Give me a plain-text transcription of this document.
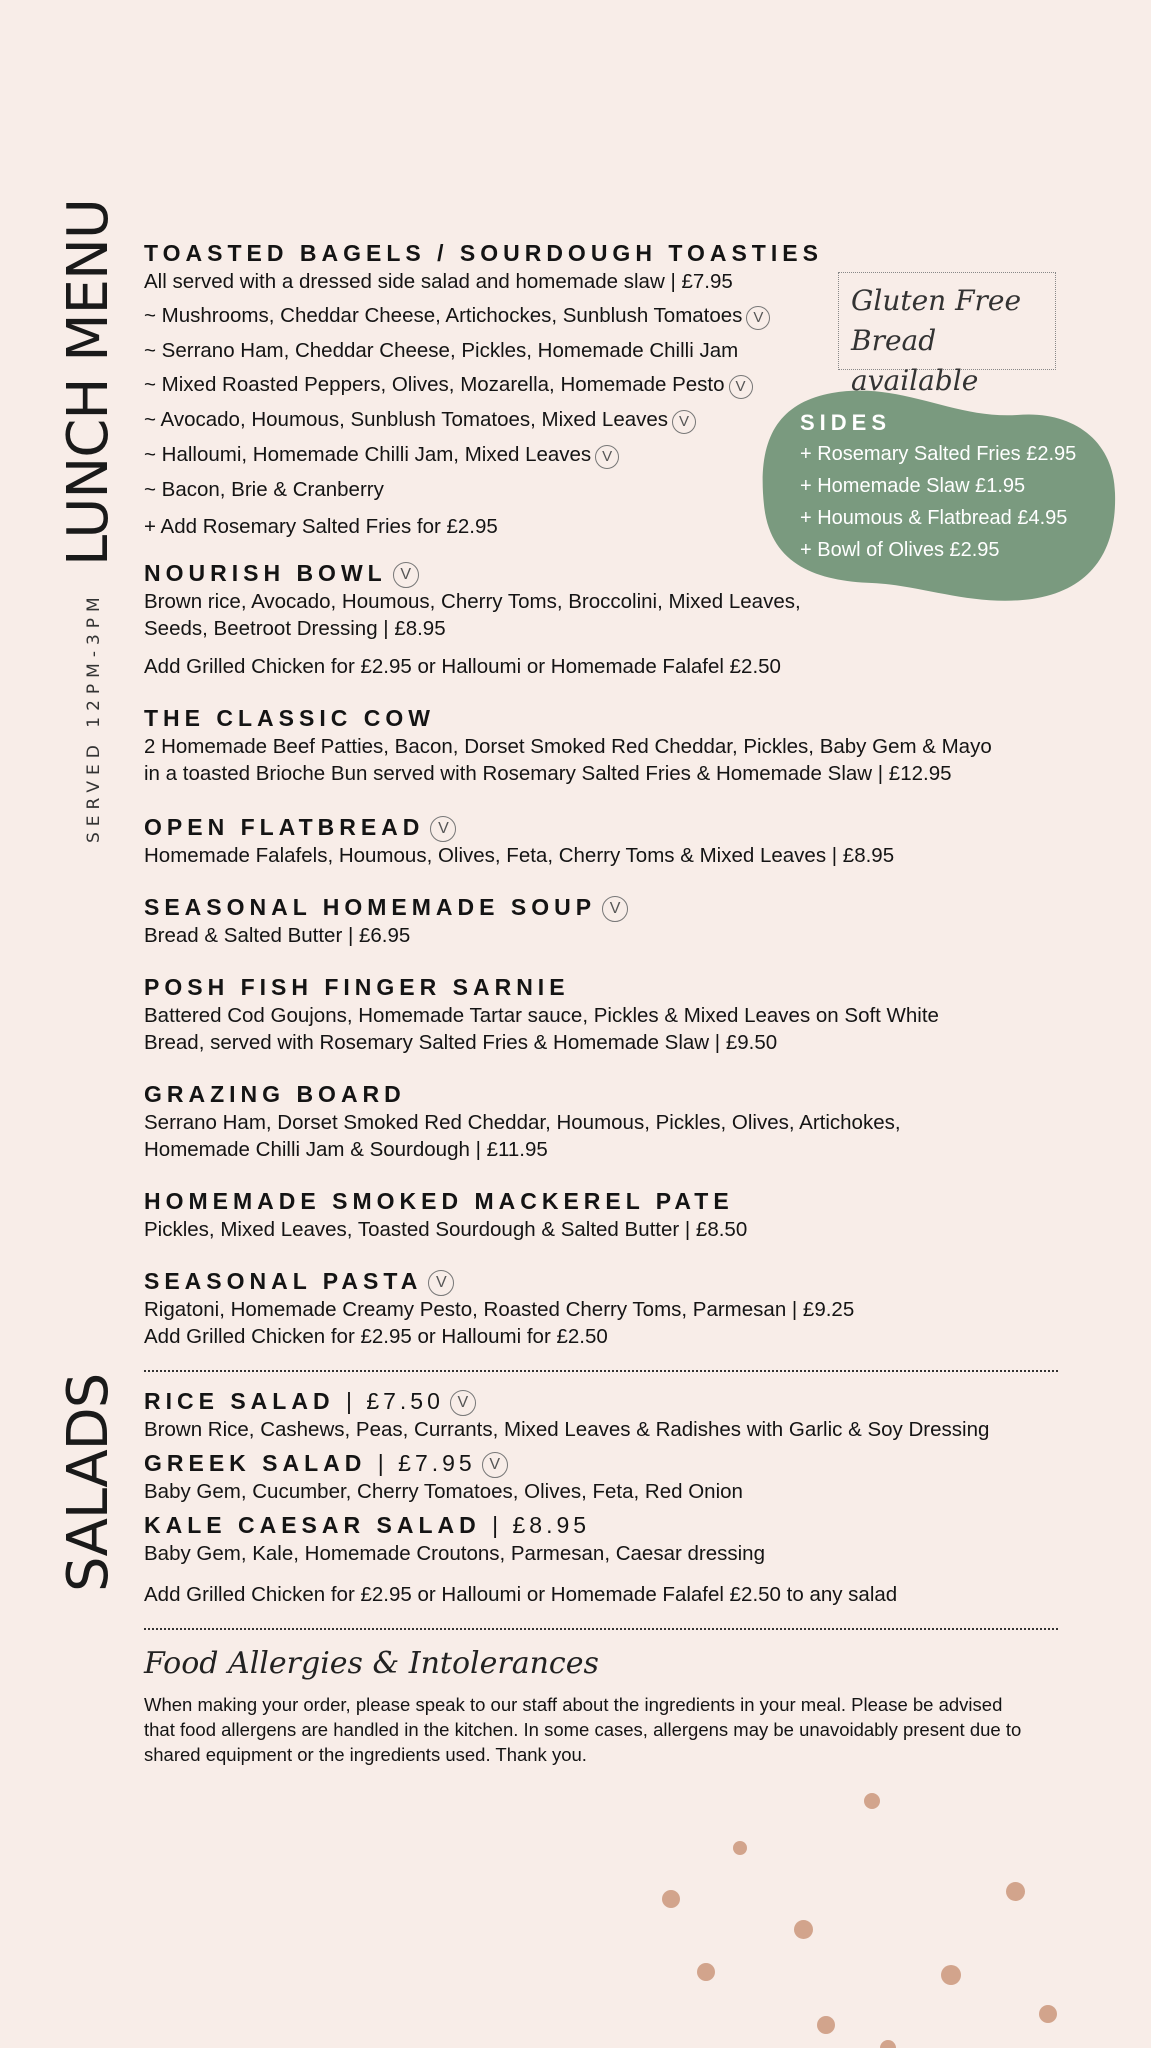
LUNCH MENU
SERVED 12PM-3PM
SALADS
TOASTED BAGELS / SOURDOUGH TOASTIES
All served with a dressed side salad and homemade slaw | £7.95
~ Mushrooms, Cheddar Cheese, Artichockes, Sunblush Tomatoes V
~ Serrano Ham, Cheddar Cheese, Pickles, Homemade Chilli Jam
~ Mixed Roasted Peppers, Olives, Mozarella, Homemade Pesto V
~ Avocado, Houmous, Sunblush Tomatoes, Mixed Leaves V
~ Halloumi, Homemade Chilli Jam, Mixed Leaves V
~ Bacon, Brie & Cranberry
+ Add Rosemary Salted Fries for £2.95
Gluten Free
Bread available
SIDES
+ Rosemary Salted Fries £2.95
+ Homemade Slaw £1.95
+ Houmous & Flatbread £4.95
+ Bowl of Olives £2.95
NOURISH BOWL V
Brown rice, Avocado, Houmous, Cherry Toms, Broccolini, Mixed Leaves,
Seeds, Beetroot Dressing | £8.95
Add Grilled Chicken for £2.95 or Halloumi or Homemade Falafel £2.50
THE CLASSIC COW
2 Homemade Beef Patties, Bacon, Dorset Smoked Red Cheddar, Pickles, Baby Gem & Mayo
in a toasted Brioche Bun served with Rosemary Salted Fries & Homemade Slaw | £12.95
OPEN FLATBREAD V
Homemade Falafels, Houmous, Olives, Feta, Cherry Toms & Mixed Leaves | £8.95
SEASONAL HOMEMADE SOUP V
Bread & Salted Butter | £6.95
POSH FISH FINGER SARNIE
Battered Cod Goujons, Homemade Tartar sauce, Pickles & Mixed Leaves on Soft White
Bread, served with Rosemary Salted Fries & Homemade Slaw | £9.50
GRAZING BOARD
Serrano Ham, Dorset Smoked Red Cheddar, Houmous, Pickles, Olives, Artichokes,
Homemade Chilli Jam & Sourdough | £11.95
HOMEMADE SMOKED MACKEREL PATE
Pickles, Mixed Leaves, Toasted Sourdough & Salted Butter | £8.50
SEASONAL PASTA V
Rigatoni, Homemade Creamy Pesto, Roasted Cherry Toms, Parmesan | £9.25
Add Grilled Chicken for £2.95 or Halloumi for £2.50
RICE SALAD | £7.50 V
Brown Rice, Cashews, Peas, Currants, Mixed Leaves & Radishes with Garlic & Soy Dressing
GREEK SALAD | £7.95 V
Baby Gem, Cucumber, Cherry Tomatoes, Olives, Feta, Red Onion
KALE CAESAR SALAD | £8.95
Baby Gem, Kale, Homemade Croutons, Parmesan, Caesar dressing
Add Grilled Chicken for £2.95 or Halloumi or Homemade Falafel £2.50 to any salad
Food Allergies & Intolerances
When making your order, please speak to our staff about the ingredients in your meal. Please be advised
that food allergens are handled in the kitchen. In some cases, allergens may be unavoidably present due to
shared equipment or the ingredients used. Thank you.
